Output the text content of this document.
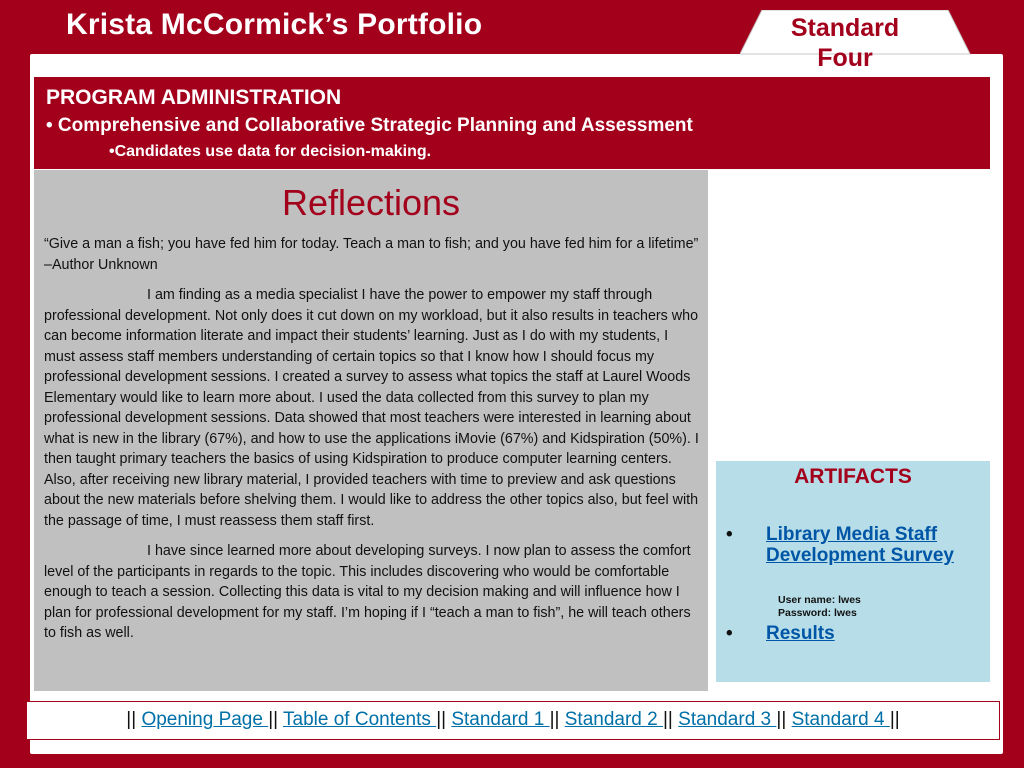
Krista McCormick’s Portfolio	Standard
Four
PROGRAM ADMINISTRATION
• Comprehensive and Collaborative Strategic Planning and Assessment
•Candidates use data for decision-making.
Reflections

“Give a man a fish; you have fed him for today. Teach a man to fish; and you have fed him for a lifetime” –Author Unknown

I am finding as a media specialist I have the power to empower my staff through professional development. Not only does it cut down on my workload, but it also results in teachers who can become information literate and impact their students’ learning. Just as I do with my students, I must assess staff members understanding of certain topics so that I know how I should focus my professional development sessions. I created a survey to assess what topics the staff at Laurel Woods Elementary would like to learn more about. I used the data collected from this survey to plan my professional development sessions. Data showed that most teachers were interested in learning about what is new in the library (67%), and how to use the applications iMovie (67%) and Kidspiration (50%). I then taught primary teachers the basics of using Kidspiration to produce computer learning centers. Also, after receiving new library material, I provided teachers with time to preview and ask questions about the new materials before shelving them. I would like to address the other topics also, but feel with the passage of time, I must reassess them staff first.

I have since learned more about developing surveys. I now plan to assess the comfort level of the participants in regards to the topic. This includes discovering who would be comfortable enough to teach a session. Collecting this data is vital to my decision making and will influence how I plan for professional development for my staff. I’m hoping if I “teach a man to fish”, he will teach others to fish as well.

ARTIFACTS
•	Library Media Staff Development Survey
User name: lwes
Password: lwes
•	Results
|| Opening Page || Table of Contents || Standard 1 || Standard 2 || Standard 3 || Standard 4 ||
